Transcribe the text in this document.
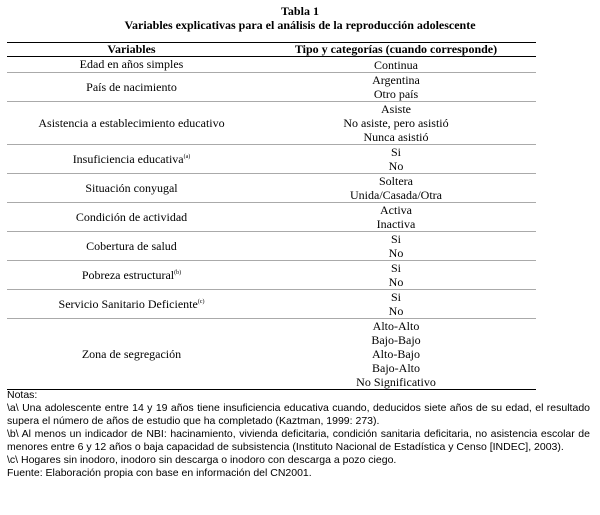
Tabla 1
Variables explicativas para el análisis de la reproducción adolescente
Variables	Tipo y categorías (cuando corresponde)
Edad en años simples	Continua

País de nacimiento	Argentina
Otro país

Asistencia a establecimiento educativo	Asiste
No asiste, pero asistió
Nunca asistió

Insuficiencia educativa$^{(a)}$	Si
No

Situación conyugal	Soltera
Unida/Casada/Otra

Condición de actividad	Activa
Inactiva

Cobertura de salud	Si
No

Pobreza estructural$^{(b)}$	Si
No

Servicio Sanitario Deficiente$^{(c)}$	Si
No

Zona de segregación	Alto-Alto
Bajo-Bajo
Alto-Bajo
Bajo-Alto
No Significativo

Notas:

\a\ Una adolescente entre 14 y 19 años tiene insuficiencia educativa cuando, deducidos siete años de su edad, el resultado supera el número de años de estudio que ha completado (Kaztman, 1999: 273).

\b\ Al menos un indicador de NBI: hacinamiento, vivienda deficitaria, condición sanitaria deficitaria, no asistencia escolar de menores entre 6 y 12 años o baja capacidad de subsistencia (Instituto Nacional de Estadística y Censo [INDEC], 2003).

\c\ Hogares sin inodoro, inodoro sin descarga o inodoro con descarga a pozo ciego.

Fuente: Elaboración propia con base en información del CN2001.
